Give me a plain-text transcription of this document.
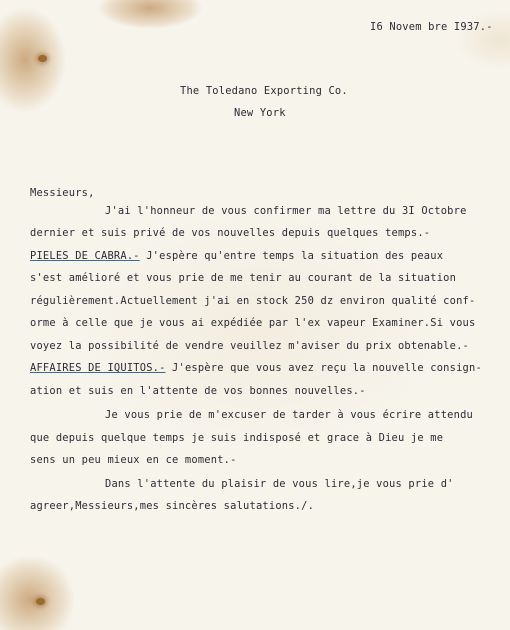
I6 Novem bre I937.-
The Toledano Exporting Co.
New York
Messieurs,
J'ai l'honneur de vous confirmer ma lettre du 3I Octobre
dernier et suis privé de vos nouvelles depuis quelques temps.-
PIELES DE CABRA.- J'espère qu'entre temps la situation des peaux
s'est amélioré et vous prie de me tenir au courant de la situation
régulièrement.Actuellement j'ai en stock 250 dz environ qualité conf-
orme à celle que je vous ai expédiée par l'ex vapeur Examiner.Si vous
voyez la possibilité de vendre veuillez m'aviser du prix obtenable.-
AFFAIRES DE IQUITOS.- J'espère que vous avez reçu la nouvelle consign-
ation et suis en l'attente de vos bonnes nouvelles.-
Je vous prie de m'excuser de tarder à vous écrire attendu
que depuis quelque temps je suis indisposé et grace à Dieu je me
sens un peu mieux en ce moment.-
Dans l'attente du plaisir de vous lire,je vous prie d'
agreer,Messieurs,mes sincères salutations./.
